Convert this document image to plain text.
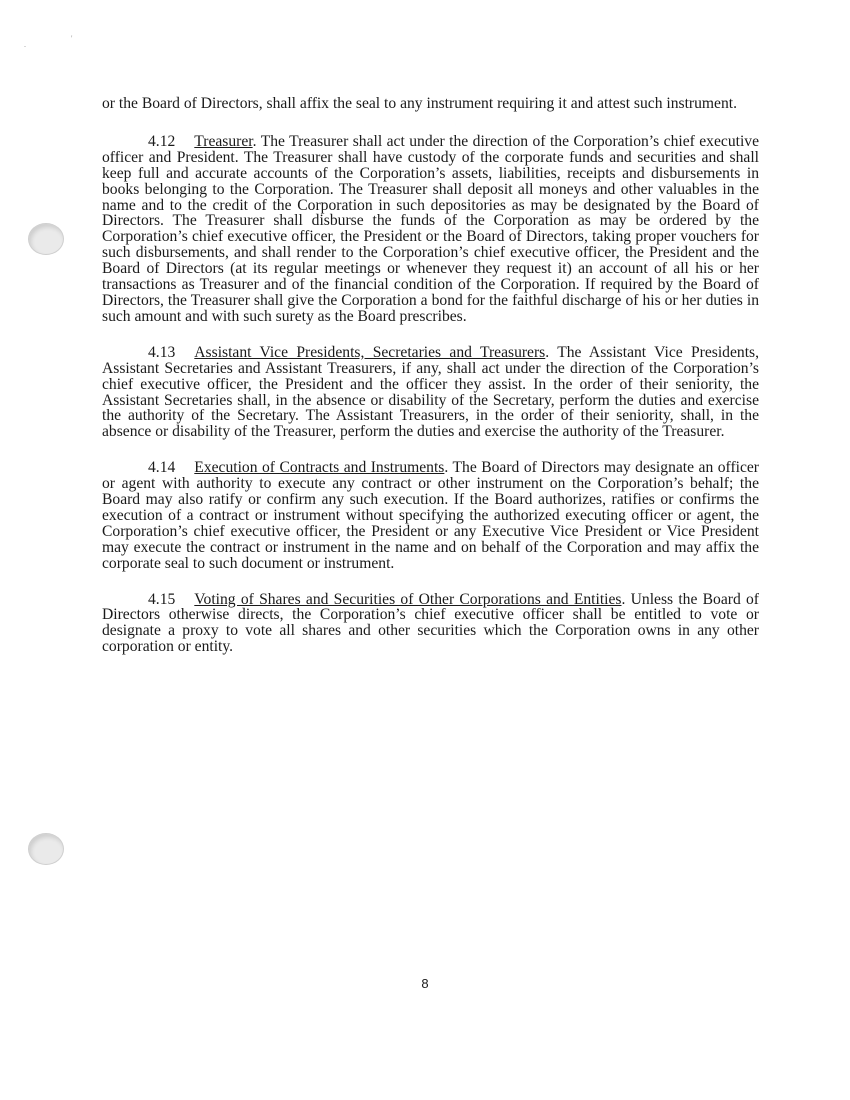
'
.

or the Board of Directors, shall affix the seal to any instrument requiring it and attest such instrument.

4.12 Treasurer. The Treasurer shall act under the direction of the Corporation’s chief executive officer and President. The Treasurer shall have custody of the corporate funds and securities and shall keep full and accurate accounts of the Corporation’s assets, liabilities, receipts and disbursements in books belonging to the Corporation. The Treasurer shall deposit all moneys and other valuables in the name and to the credit of the Corporation in such depositories as may be designated by the Board of Directors. The Treasurer shall disburse the funds of the Corporation as may be ordered by the Corporation’s chief executive officer, the President or the Board of Directors, taking proper vouchers for such disbursements, and shall render to the Corporation’s chief executive officer, the President and the Board of Directors (at its regular meetings or whenever they request it) an account of all his or her transactions as Treasurer and of the financial condition of the Corporation. If required by the Board of Directors, the Treasurer shall give the Corporation a bond for the faithful discharge of his or her duties in such amount and with such surety as the Board prescribes.

4.13 Assistant Vice Presidents, Secretaries and Treasurers. The Assistant Vice Presidents, Assistant Secretaries and Assistant Treasurers, if any, shall act under the direction of the Corporation’s chief executive officer, the President and the officer they assist. In the order of their seniority, the Assistant Secretaries shall, in the absence or disability of the Secretary, perform the duties and exercise the authority of the Secretary. The Assistant Treasurers, in the order of their seniority, shall, in the absence or disability of the Treasurer, perform the duties and exercise the authority of the Treasurer.

4.14 Execution of Contracts and Instruments. The Board of Directors may designate an officer or agent with authority to execute any contract or other instrument on the Corporation’s behalf; the Board may also ratify or confirm any such execution. If the Board authorizes, ratifies or confirms the execution of a contract or instrument without specifying the authorized executing officer or agent, the Corporation’s chief executive officer, the President or any Executive Vice President or Vice President may execute the contract or instrument in the name and on behalf of the Corporation and may affix the corporate seal to such document or instrument.

4.15 Voting of Shares and Securities of Other Corporations and Entities. Unless the Board of Directors otherwise directs, the Corporation’s chief executive officer shall be entitled to vote or designate a proxy to vote all shares and other securities which the Corporation owns in any other corporation or entity.

8
